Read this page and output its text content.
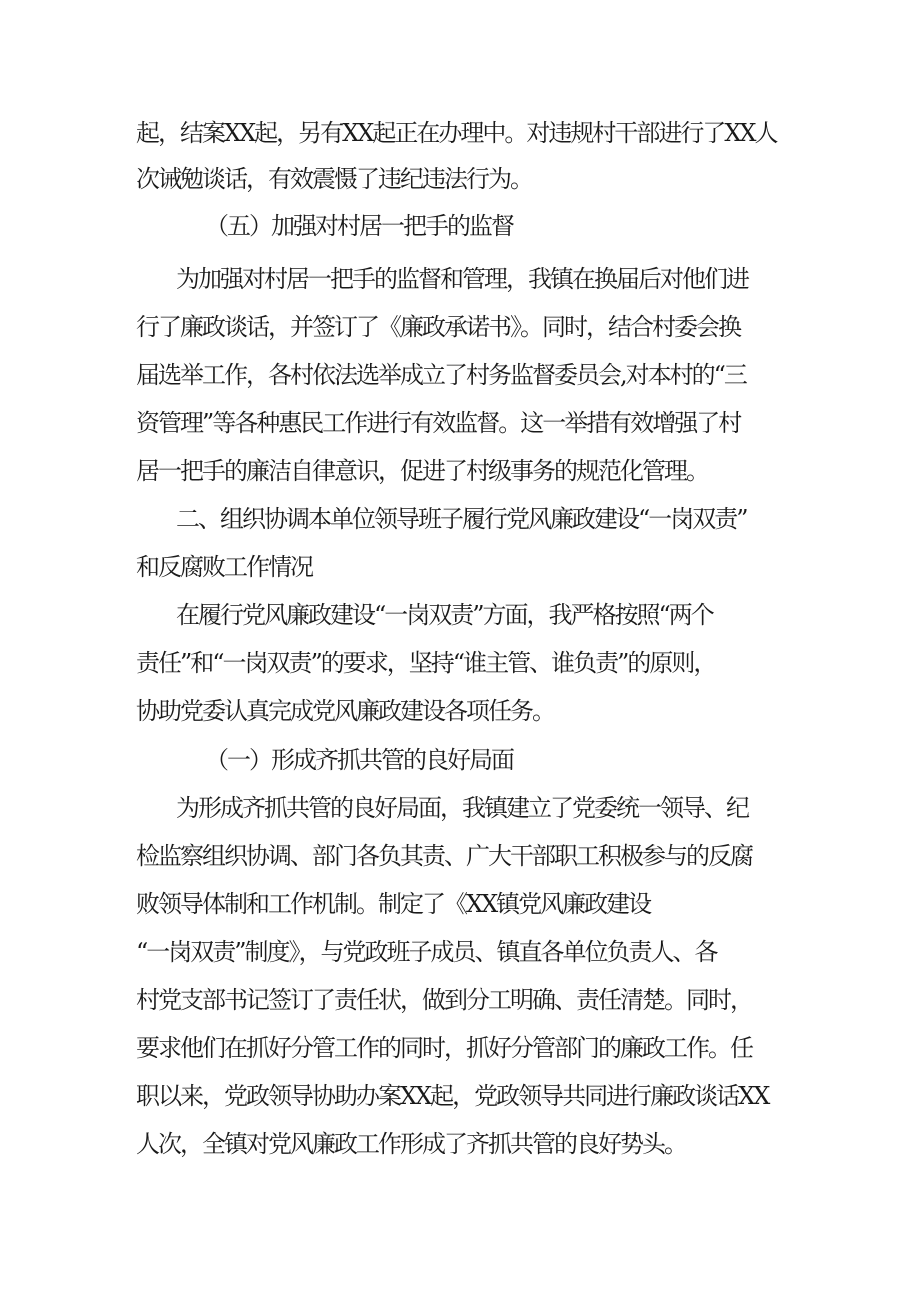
起，结案XX起，另有XX起正在办理中。对违规村干部进行了XX人
次诫勉谈话，有效震慑了违纪违法行为。
（五）加强对村居一把手的监督
为加强对村居一把手的监督和管理，我镇在换届后对他们进
行了廉政谈话，并签订了《廉政承诺书》。同时，结合村委会换
届选举工作，各村依法选举成立了村务监督委员会,对本村的“三
资管理”等各种惠民工作进行有效监督。这一举措有效增强了村
居一把手的廉洁自律意识，促进了村级事务的规范化管理。
二、组织协调本单位领导班子履行党风廉政建设“一岗双责”
和反腐败工作情况
在履行党风廉政建设“一岗双责”方面，我严格按照“两个
责任”和“一岗双责”的要求，坚持“谁主管、谁负责”的原则，
协助党委认真完成党风廉政建设各项任务。
（一）形成齐抓共管的良好局面
为形成齐抓共管的良好局面，我镇建立了党委统一领导、纪
检监察组织协调、部门各负其责、广大干部职工积极参与的反腐
败领导体制和工作机制。制定了《XX镇党风廉政建设
“一岗双责”制度》，与党政班子成员、镇直各单位负责人、各
村党支部书记签订了责任状，做到分工明确、责任清楚。同时，
要求他们在抓好分管工作的同时，抓好分管部门的廉政工作。任
职以来，党政领导协助办案XX起，党政领导共同进行廉政谈话XX
人次，全镇对党风廉政工作形成了齐抓共管的良好势头。
